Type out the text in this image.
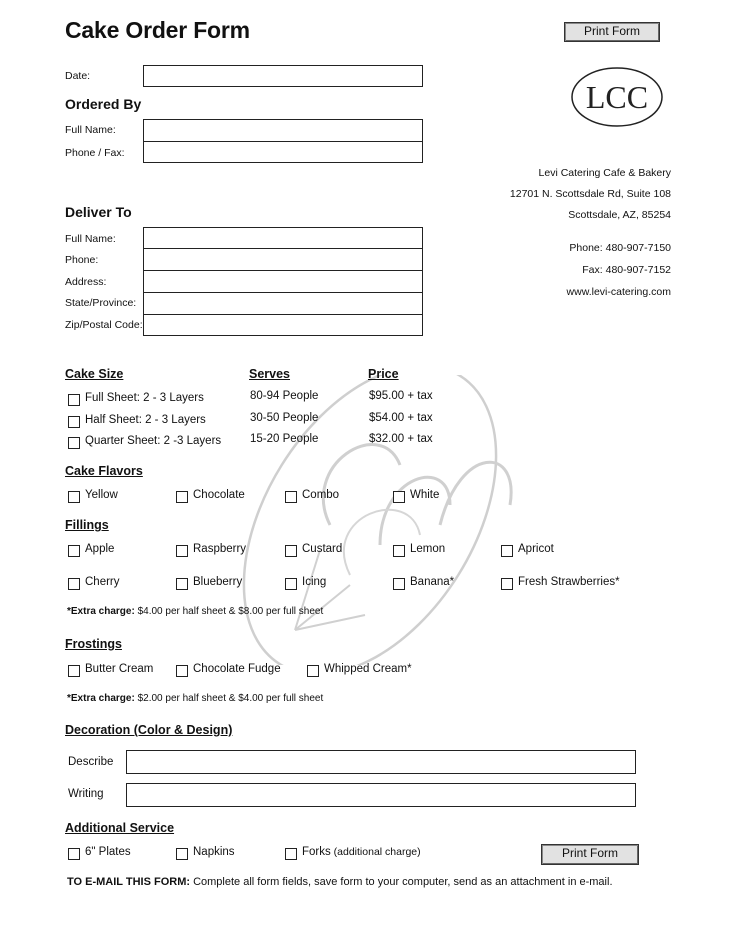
Cake Order Form	Print Form
LCC
Date:
Ordered By
Full Name:
Phone / Fax:
Levi Catering Cafe & Bakery
12701 N. Scottsdale Rd, Suite 108
Scottsdale, AZ, 85254
Phone: 480-907-7150
Fax: 480-907-7152
www.levi-catering.com
Deliver To
Full Name:
Phone:
Address:
State/Province:
Zip/Postal Code:
Cake Size	Serves	Price
Full Sheet: 2 - 3 Layers	80-94 People	$95.00 + tax
Half Sheet: 2 - 3 Layers	30-50 People	$54.00 + tax
Quarter Sheet: 2 -3 Layers	15-20 People	$32.00 + tax
Cake Flavors
Yellow	Chocolate	Combo	White
Fillings
Apple	Raspberry	Custard	Lemon	Apricot
Cherry	Blueberry	Icing	Banana*	Fresh Strawberries*
*Extra charge: $4.00 per half sheet & $8.00 per full sheet
Frostings
Butter Cream	Chocolate Fudge	Whipped Cream*
*Extra charge: $2.00 per half sheet & $4.00 per full sheet
Decoration (Color & Design)
Describe
Writing
Additional Service
6" Plates	Napkins	Forks (additional charge)	Print Form
TO E-MAIL THIS FORM: Complete all form fields, save form to your computer, send as an attachment in e-mail.
